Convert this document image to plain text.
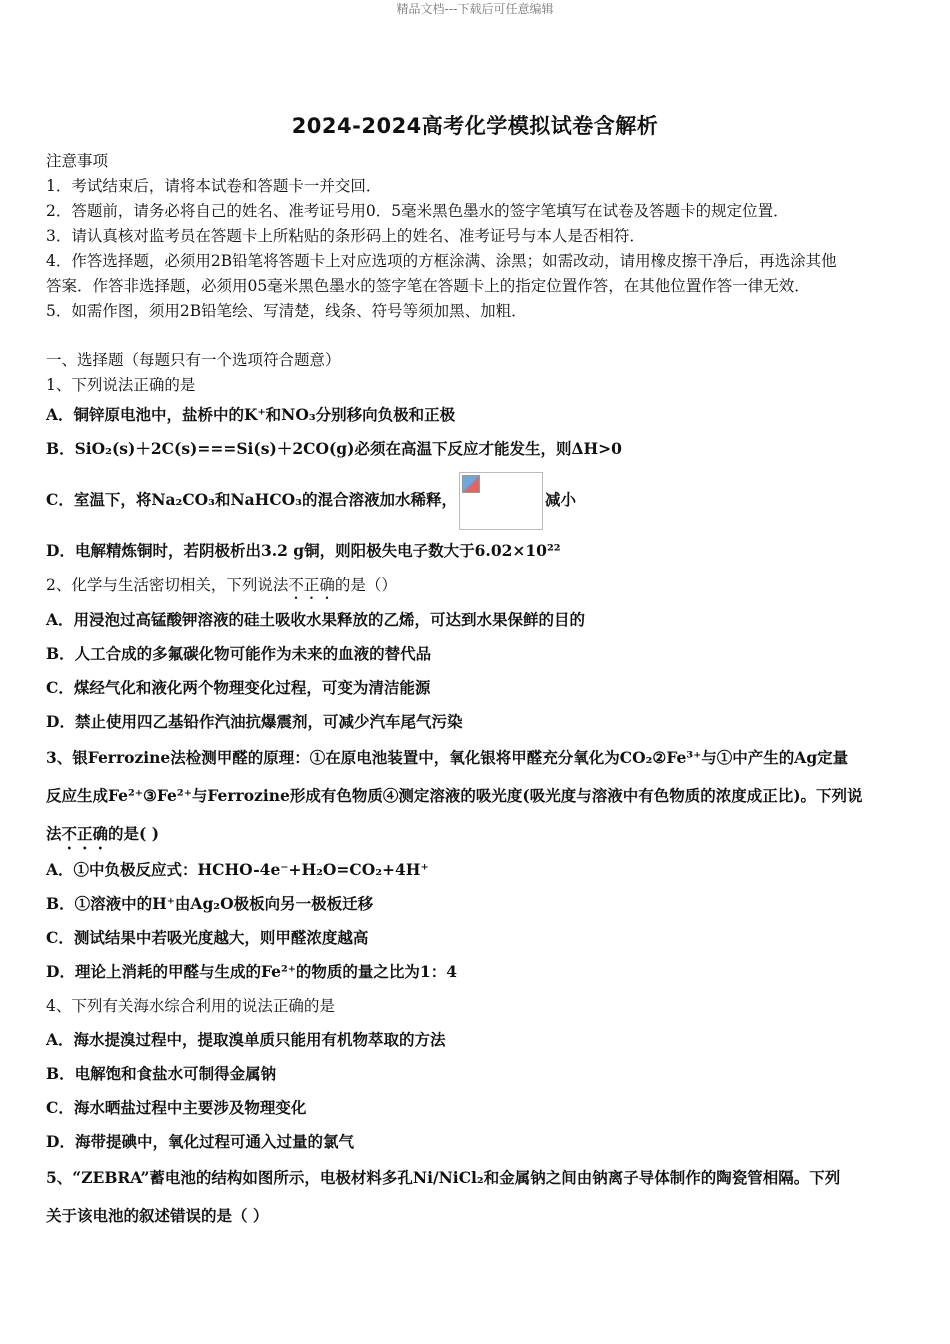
精品文档---下载后可任意编辑
2024-2024高考化学模拟试卷含解析

注意事项

1．考试结束后，请将本试卷和答题卡一并交回．

2．答题前，请务必将自己的姓名、准考证号用0．5毫米黑色墨水的签字笔填写在试卷及答题卡的规定位置．

3．请认真核对监考员在答题卡上所粘贴的条形码上的姓名、准考证号与本人是否相符．

4．作答选择题，必须用2B铅笔将答题卡上对应选项的方框涂满、涂黑；如需改动，请用橡皮擦干净后，再选涂其他

答案．作答非选择题，必须用05毫米黑色墨水的签字笔在答题卡上的指定位置作答，在其他位置作答一律无效．

5．如需作图，须用2B铅笔绘、写清楚，线条、符号等须加黑、加粗．

一、选择题（每题只有一个选项符合题意）

1、下列说法正确的是

A．铜锌原电池中，盐桥中的K⁺和NO₃分别移向负极和正极

B．SiO₂(s)＋2C(s)===Si(s)＋2CO(g)必须在高温下反应才能发生，则ΔH>0

C．室温下，将Na₂CO₃和NaHCO₃的混合溶液加水稀释，	减小

D．电解精炼铜时，若阴极析出3.2 g铜，则阳极失电子数大于6.02×10²²

2、化学与生活密切相关，下列说法不正确的是（）

A．用浸泡过高锰酸钾溶液的硅土吸收水果释放的乙烯，可达到水果保鲜的目的

B．人工合成的多氟碳化物可能作为未来的血液的替代品

C．煤经气化和液化两个物理变化过程，可变为清洁能源

D．禁止使用四乙基铅作汽油抗爆震剂，可减少汽车尾气污染

3、银Ferrozine法检测甲醛的原理：①在原电池装置中，氧化银将甲醛充分氧化为CO₂②Fe³⁺与①中产生的Ag定量

反应生成Fe²⁺③Fe²⁺与Ferrozine形成有色物质④测定溶液的吸光度(吸光度与溶液中有色物质的浓度成正比)。下列说

法不正确的是( )

A．①中负极反应式：HCHO-4e⁻+H₂O=CO₂+4H⁺

B．①溶液中的H⁺由Ag₂O极板向另一极板迁移

C．测试结果中若吸光度越大，则甲醛浓度越高

D．理论上消耗的甲醛与生成的Fe²⁺的物质的量之比为1：4

4、下列有关海水综合利用的说法正确的是

A．海水提溴过程中，提取溴单质只能用有机物萃取的方法

B．电解饱和食盐水可制得金属钠

C．海水晒盐过程中主要涉及物理变化

D．海带提碘中，氧化过程可通入过量的氯气

5、“ZEBRA”蓄电池的结构如图所示，电极材料多孔Ni/NiCl₂和金属钠之间由钠离子导体制作的陶瓷管相隔。下列

关于该电池的叙述错误的是（ ）
